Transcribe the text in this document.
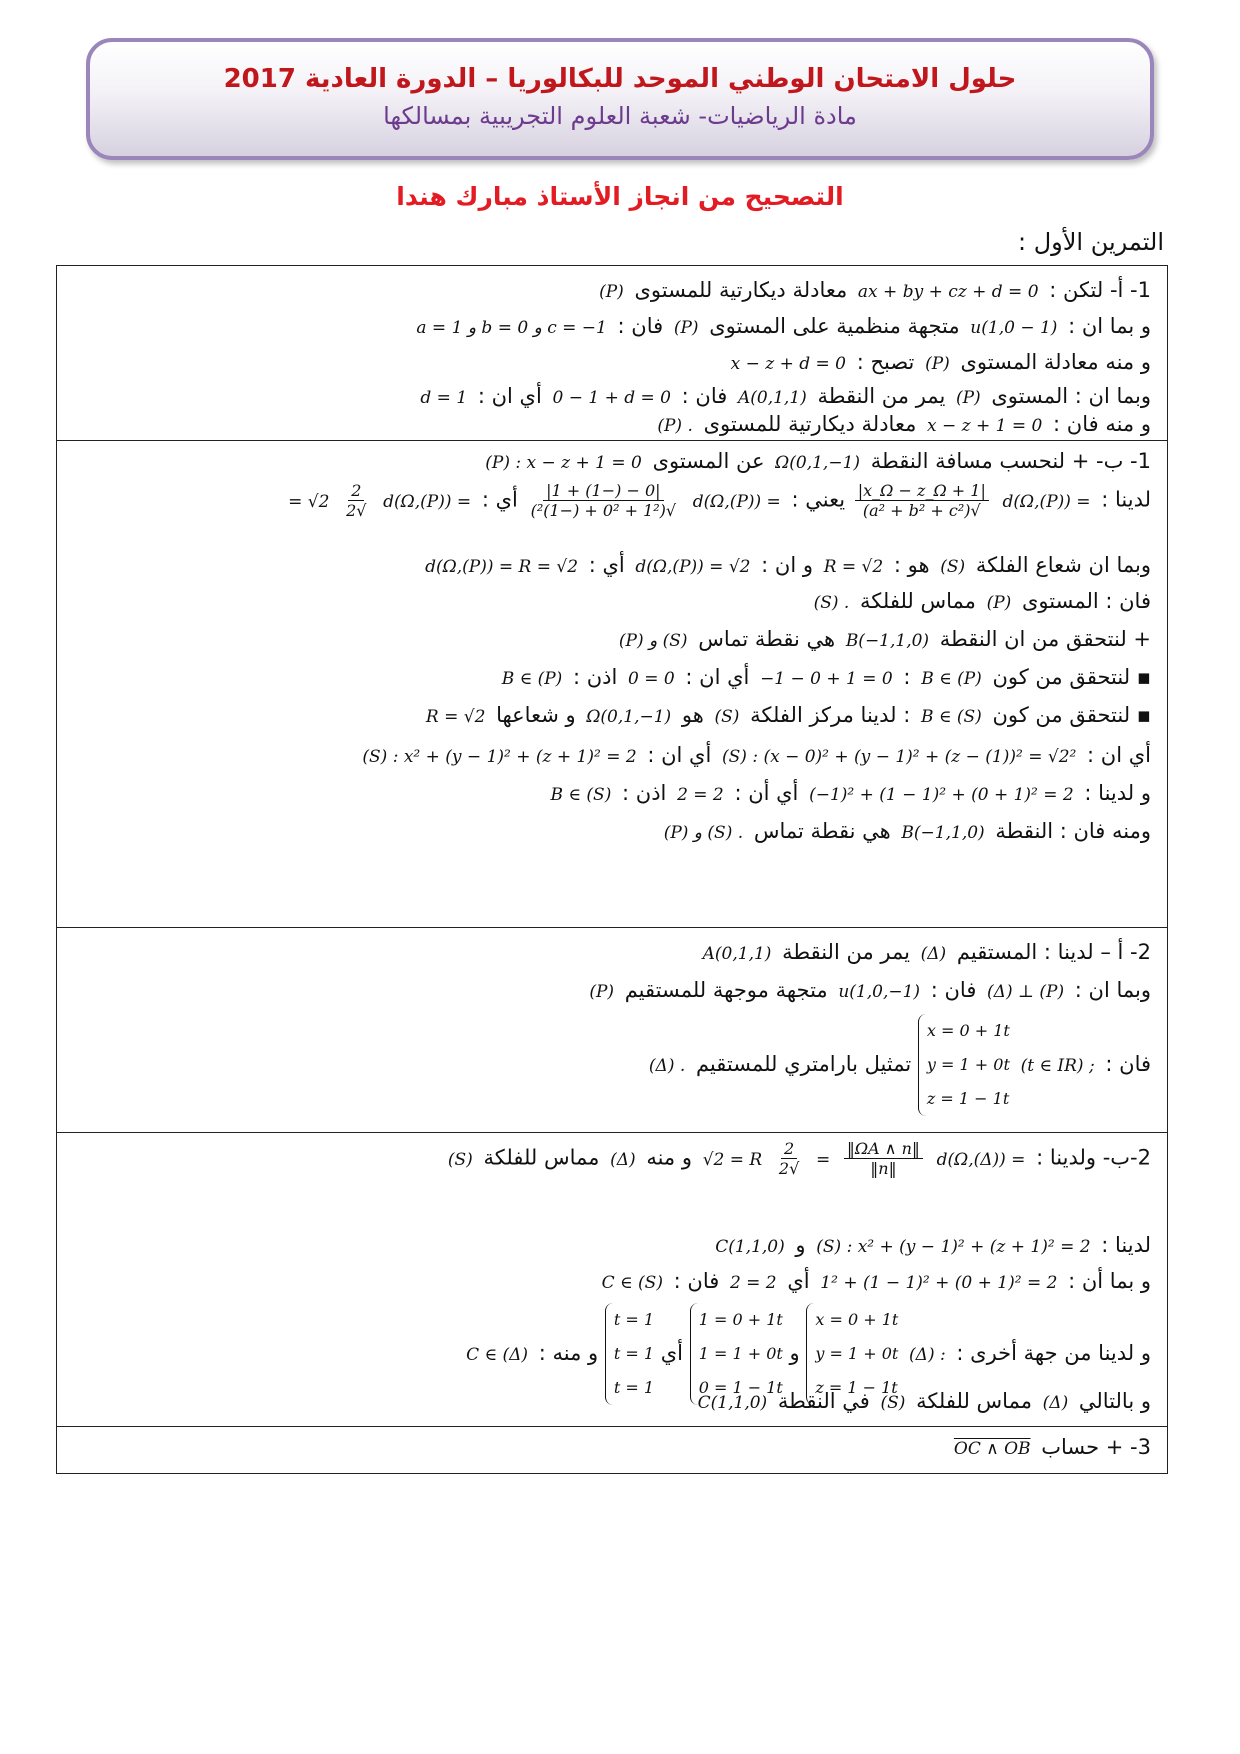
حلول الامتحان الوطني الموحد للبكالوريا – الدورة العادية 2017
مادة الرياضيات- شعبة العلوم التجريبية بمسالكها
التصحيح من انجاز الأستاذ مبارك هندا
التمرين الأول :
1- أ- لتكن : ax + by + cz + d = 0 معادلة ديكارتية للمستوى (P)
و بما ان : u(1,0 − 1) متجهة منظمية على المستوى (P) فان : a = 1 و b = 0 و c = −1
و منه معادلة المستوى (P) تصبح : x − z + d = 0
وبما ان : المستوى (P) يمر من النقطة A(0,1,1) فان : 0 − 1 + d = 0 أي ان : d = 1
و منه فان : x − z + 1 = 0 معادلة ديكارتية للمستوى (P) .
1- ب- + لنحسب مسافة النقطة Ω(0,1,−1) عن المستوى (P) : x − z + 1 = 0
لدينا : d(Ω,(P)) =
$\frac{|x\_\Omega - z\_\Omega + 1|}{\text{√(a² + b² + c²)}}$
يعني : d(Ω,(P)) =
$\frac{|0 - (-1) + 1|}{\text{√(1² + 0² + (−1)²)}}$
أي : d(Ω,(P)) =
$\frac{2}{√2}$
= √2
وبما ان شعاع الفلكة (S) هو : R = √2 و ان : d(Ω,(P)) = √2 أي : d(Ω,(P)) = R = √2
فان : المستوى (P) مماس للفلكة (S) .
+ لنتحقق من ان النقطة B(−1,1,0) هي نقطة تماس (P) و (S)
▪ لنتحقق من كون B ∈ (P) : −1 − 0 + 1 = 0 أي ان : 0 = 0 اذن : B ∈ (P)
▪ لنتحقق من كون B ∈ (S) : لدينا مركز الفلكة (S) هو Ω(0,1,−1) و شعاعها R = √2
أي ان : (S) : (x − 0)² + (y − 1)² + (z − (1))² = √2² أي ان : (S) : x² + (y − 1)² + (z + 1)² = 2
و لدينا : (−1)² + (1 − 1)² + (0 + 1)² = 2 أي أن : 2 = 2 اذن : B ∈ (S)
ومنه فان : النقطة B(−1,1,0) هي نقطة تماس (P) و (S) .
2- أ – لدينا : المستقيم (Δ) يمر من النقطة A(0,1,1)
وبما ان : (Δ) ⊥ (P) فان : u(1,0,−1) متجهة موجهة للمستقيم (P)
فان : (t ∈ IR) ;
x = 0 + 1t
y = 1 + 0t
z = 1 − 1t
تمثيل بارامتري للمستقيم (Δ) .
2-ب- ولدينا : d(Ω,(Δ)) =
$\frac{‖\Omega A \wedge n‖}{‖n‖}$
=
$\frac{2}{√2}$
√2 = R و منه (Δ) مماس للفلكة (S)
لدينا : (S) : x² + (y − 1)² + (z + 1)² = 2 و C(1,1,0)
و بما أن : 1² + (1 − 1)² + (0 + 1)² = 2 أي 2 = 2 فان : C ∈ (S)
و لدينا من جهة أخرى : (Δ) :
x = 0 + 1t
y = 1 + 0t
z = 1 − 1t
و
1 = 0 + 1t
1 = 1 + 0t
0 = 1 − 1t
أي
t = 1
t = 1
t = 1
و منه : C ∈ (Δ)
و بالتالي (Δ) مماس للفلكة (S) في النقطة C(1,1,0)
3- + حساب OC ∧ OB
